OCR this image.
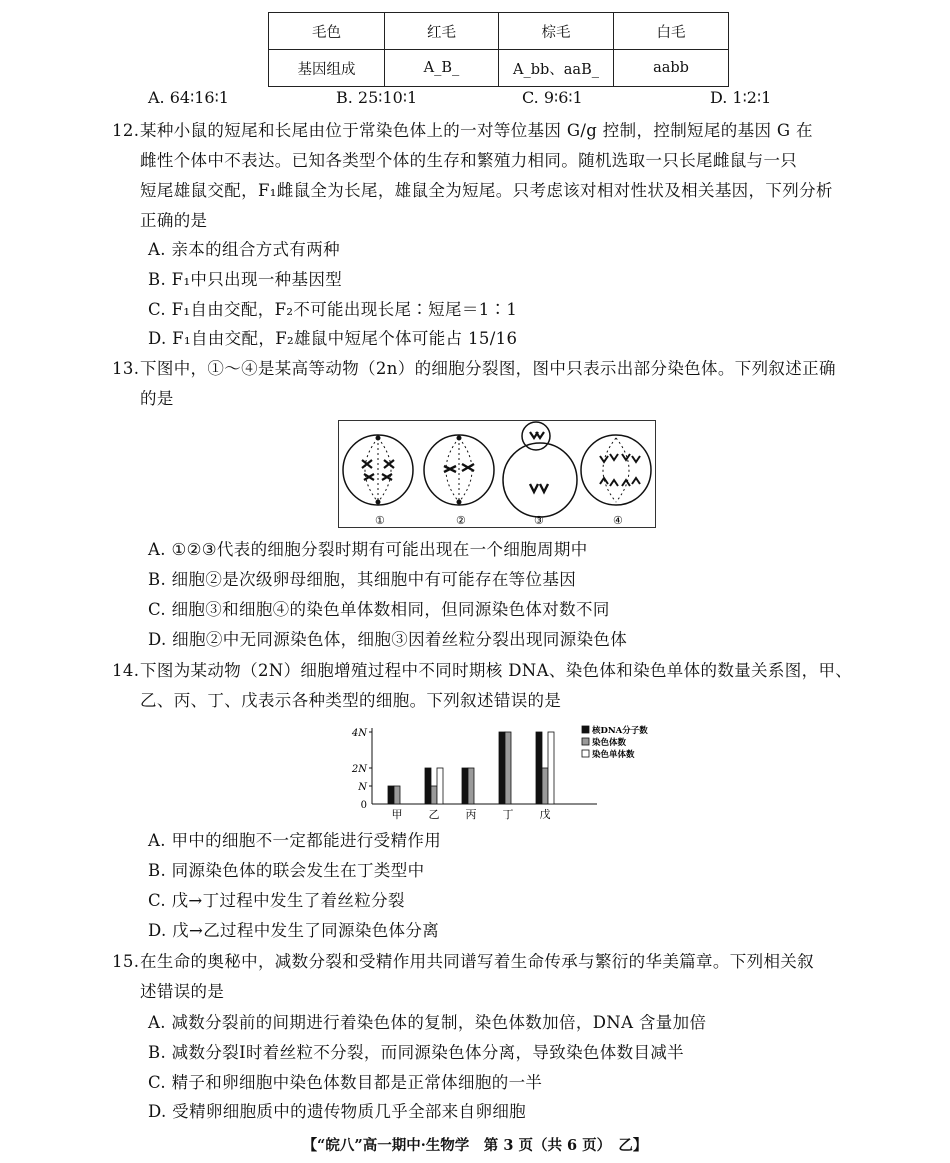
毛色	红毛	棕毛	白毛
基因组成	A_B_	A_bb、aaB_	aabb
A. 64∶16∶1	B. 25∶10∶1	C. 9∶6∶1	D. 1∶2∶1
12.某种小鼠的短尾和长尾由位于常染色体上的一对等位基因 G/g 控制，控制短尾的基因 G 在
雌性个体中不表达。已知各类型个体的生存和繁殖力相同。随机选取一只长尾雌鼠与一只
短尾雄鼠交配，F₁雌鼠全为长尾，雄鼠全为短尾。只考虑该对相对性状及相关基因，下列分析
正确的是
A. 亲本的组合方式有两种
B. F₁中只出现一种基因型
C. F₁自由交配，F₂不可能出现长尾∶短尾＝1∶1
D. F₁自由交配，F₂雄鼠中短尾个体可能占 15/16
13.下图中，①～④是某高等动物（2n）的细胞分裂图，图中只表示出部分染色体。下列叙述正确
的是
①	②	③	④
A. ①②③代表的细胞分裂时期有可能出现在一个细胞周期中
B. 细胞②是次级卵母细胞，其细胞中有可能存在等位基因
C. 细胞③和细胞④的染色单体数相同，但同源染色体对数不同
D. 细胞②中无同源染色体，细胞③因着丝粒分裂出现同源染色体
14.下图为某动物（2N）细胞增殖过程中不同时期核 DNA、染色体和染色单体的数量关系图，甲、
乙、丙、丁、戊表示各种类型的细胞。下列叙述错误的是
4N
2N
N
0
甲 乙 丙 丁 戊
核DNA分子数
染色体数
染色单体数
A. 甲中的细胞不一定都能进行受精作用
B. 同源染色体的联会发生在丁类型中
C. 戊→丁过程中发生了着丝粒分裂
D. 戊→乙过程中发生了同源染色体分离
15.在生命的奥秘中，减数分裂和受精作用共同谱写着生命传承与繁衍的华美篇章。下列相关叙
述错误的是
A. 减数分裂前的间期进行着染色体的复制，染色体数加倍，DNA 含量加倍
B. 减数分裂Ⅰ时着丝粒不分裂，而同源染色体分离，导致染色体数目减半
C. 精子和卵细胞中染色体数目都是正常体细胞的一半
D. 受精卵细胞质中的遗传物质几乎全部来自卵细胞
【“皖八”高一期中·生物学　第 3 页（共 6 页）　乙】
